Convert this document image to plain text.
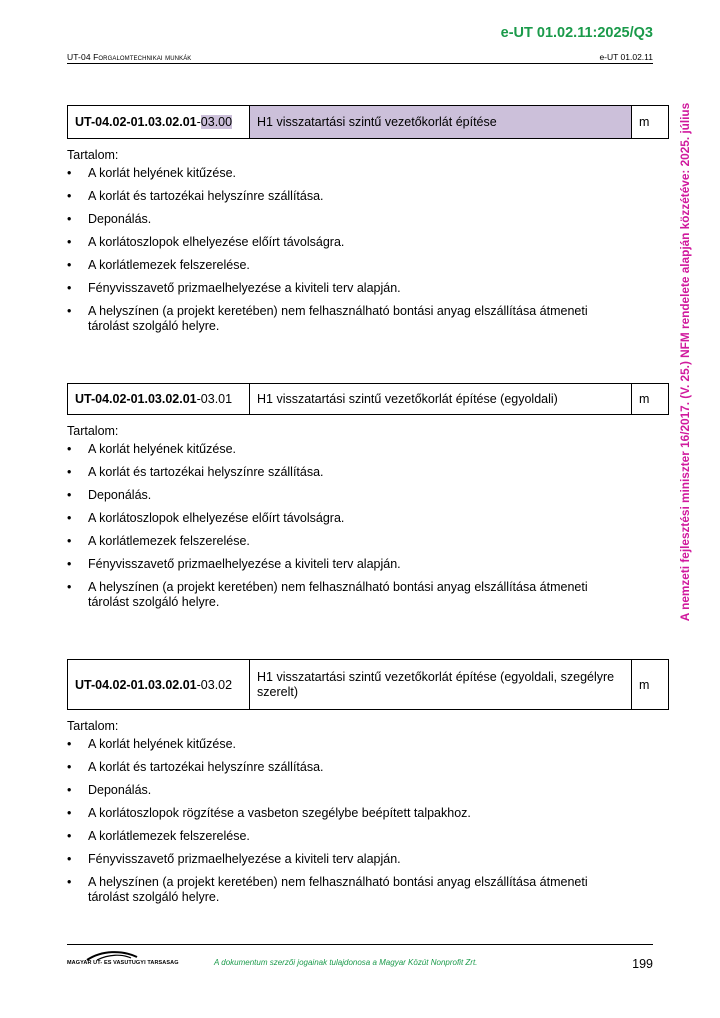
e-UT 01.02.11:2025/Q3
UT-04 Forgalomtechnikai munkák	e-UT 01.02.11
A nemzeti fejlesztési miniszter 16/2017. (V. 25.) NFM rendelete alapján közzétéve: 2025. július
UT-04.02-01.03.02.01-03.00	H1 visszatartási szintű vezetőkorlát építése	m
Tartalom:
• A korlát helyének kitűzése.
• A korlát és tartozékai helyszínre szállítása.
• Deponálás.
• A korlátoszlopok elhelyezése előírt távolságra.
• A korlátlemezek felszerelése.
• Fényvisszavető prizmaelhelyezése a kiviteli terv alapján.
• A helyszínen (a projekt keretében) nem felhasználható bontási anyag elszállítása átmeneti tárolást szolgáló helyre.
UT-04.02-01.03.02.01-03.01	H1 visszatartási szintű vezetőkorlát építése (egyoldali)	m
Tartalom:
• A korlát helyének kitűzése.
• A korlát és tartozékai helyszínre szállítása.
• Deponálás.
• A korlátoszlopok elhelyezése előírt távolságra.
• A korlátlemezek felszerelése.
• Fényvisszavető prizmaelhelyezése a kiviteli terv alapján.
• A helyszínen (a projekt keretében) nem felhasználható bontási anyag elszállítása átmeneti tárolást szolgáló helyre.
UT-04.02-01.03.02.01-03.02	H1 visszatartási szintű vezetőkorlát építése (egyoldali, szegélyre szerelt)	m
Tartalom:
• A korlát helyének kitűzése.
• A korlát és tartozékai helyszínre szállítása.
• Deponálás.
• A korlátoszlopok rögzítése a vasbeton szegélybe beépített talpakhoz.
• A korlátlemezek felszerelése.
• Fényvisszavető prizmaelhelyezése a kiviteli terv alapján.
• A helyszínen (a projekt keretében) nem felhasználható bontási anyag elszállítása átmeneti tárolást szolgáló helyre.
MAGYAR UT- ES VASUTUGYI TARSASAG	A dokumentum szerzői jogainak tulajdonosa a Magyar Közút Nonprofit Zrt.	199
